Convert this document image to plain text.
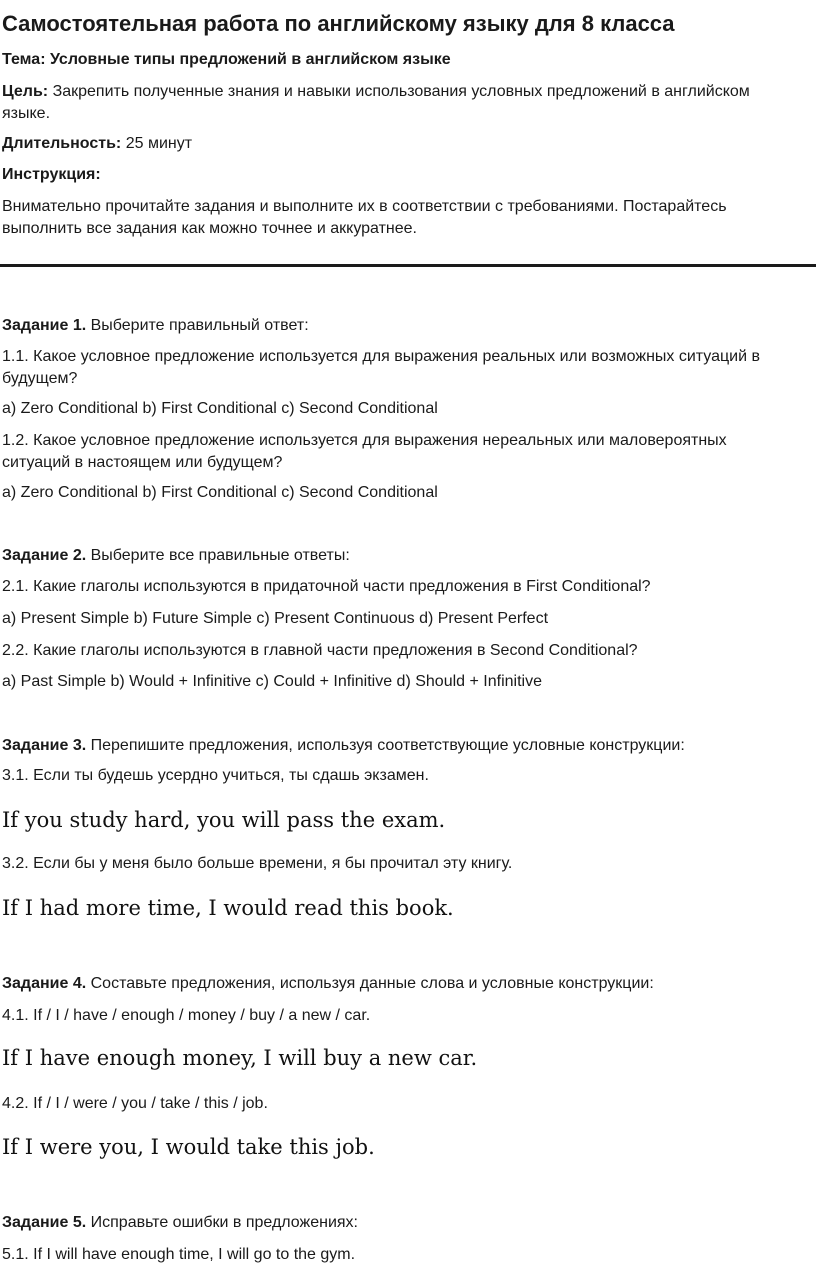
Самостоятельная работа по английскому языку для 8 класса
Тема: Условные типы предложений в английском языке
Цель: Закрепить полученные знания и навыки использования условных предложений в английском языке.
Длительность: 25 минут
Инструкция:
Внимательно прочитайте задания и выполните их в соответствии с требованиями. Постарайтесь выполнить все задания как можно точнее и аккуратнее.
Задание 1. Выберите правильный ответ:
1.1. Какое условное предложение используется для выражения реальных или возможных ситуаций в будущем?
a) Zero Conditional b) First Conditional c) Second Conditional
1.2. Какое условное предложение используется для выражения нереальных или маловероятных ситуаций в настоящем или будущем?
a) Zero Conditional b) First Conditional c) Second Conditional
Задание 2. Выберите все правильные ответы:
2.1. Какие глаголы используются в придаточной части предложения в First Conditional?
a) Present Simple b) Future Simple c) Present Continuous d) Present Perfect
2.2. Какие глаголы используются в главной части предложения в Second Conditional?
a) Past Simple b) Would + Infinitive c) Could + Infinitive d) Should + Infinitive
Задание 3. Перепишите предложения, используя соответствующие условные конструкции:
3.1. Если ты будешь усердно учиться, ты сдашь экзамен.
If you study hard, you will pass the exam.
3.2. Если бы у меня было больше времени, я бы прочитал эту книгу.
If I had more time, I would read this book.
Задание 4. Составьте предложения, используя данные слова и условные конструкции:
4.1. If / I / have / enough / money / buy / a new / car.
If I have enough money, I will buy a new car.
4.2. If / I / were / you / take / this / job.
If I were you, I would take this job.
Задание 5. Исправьте ошибки в предложениях:
5.1. If I will have enough time, I will go to the gym.
